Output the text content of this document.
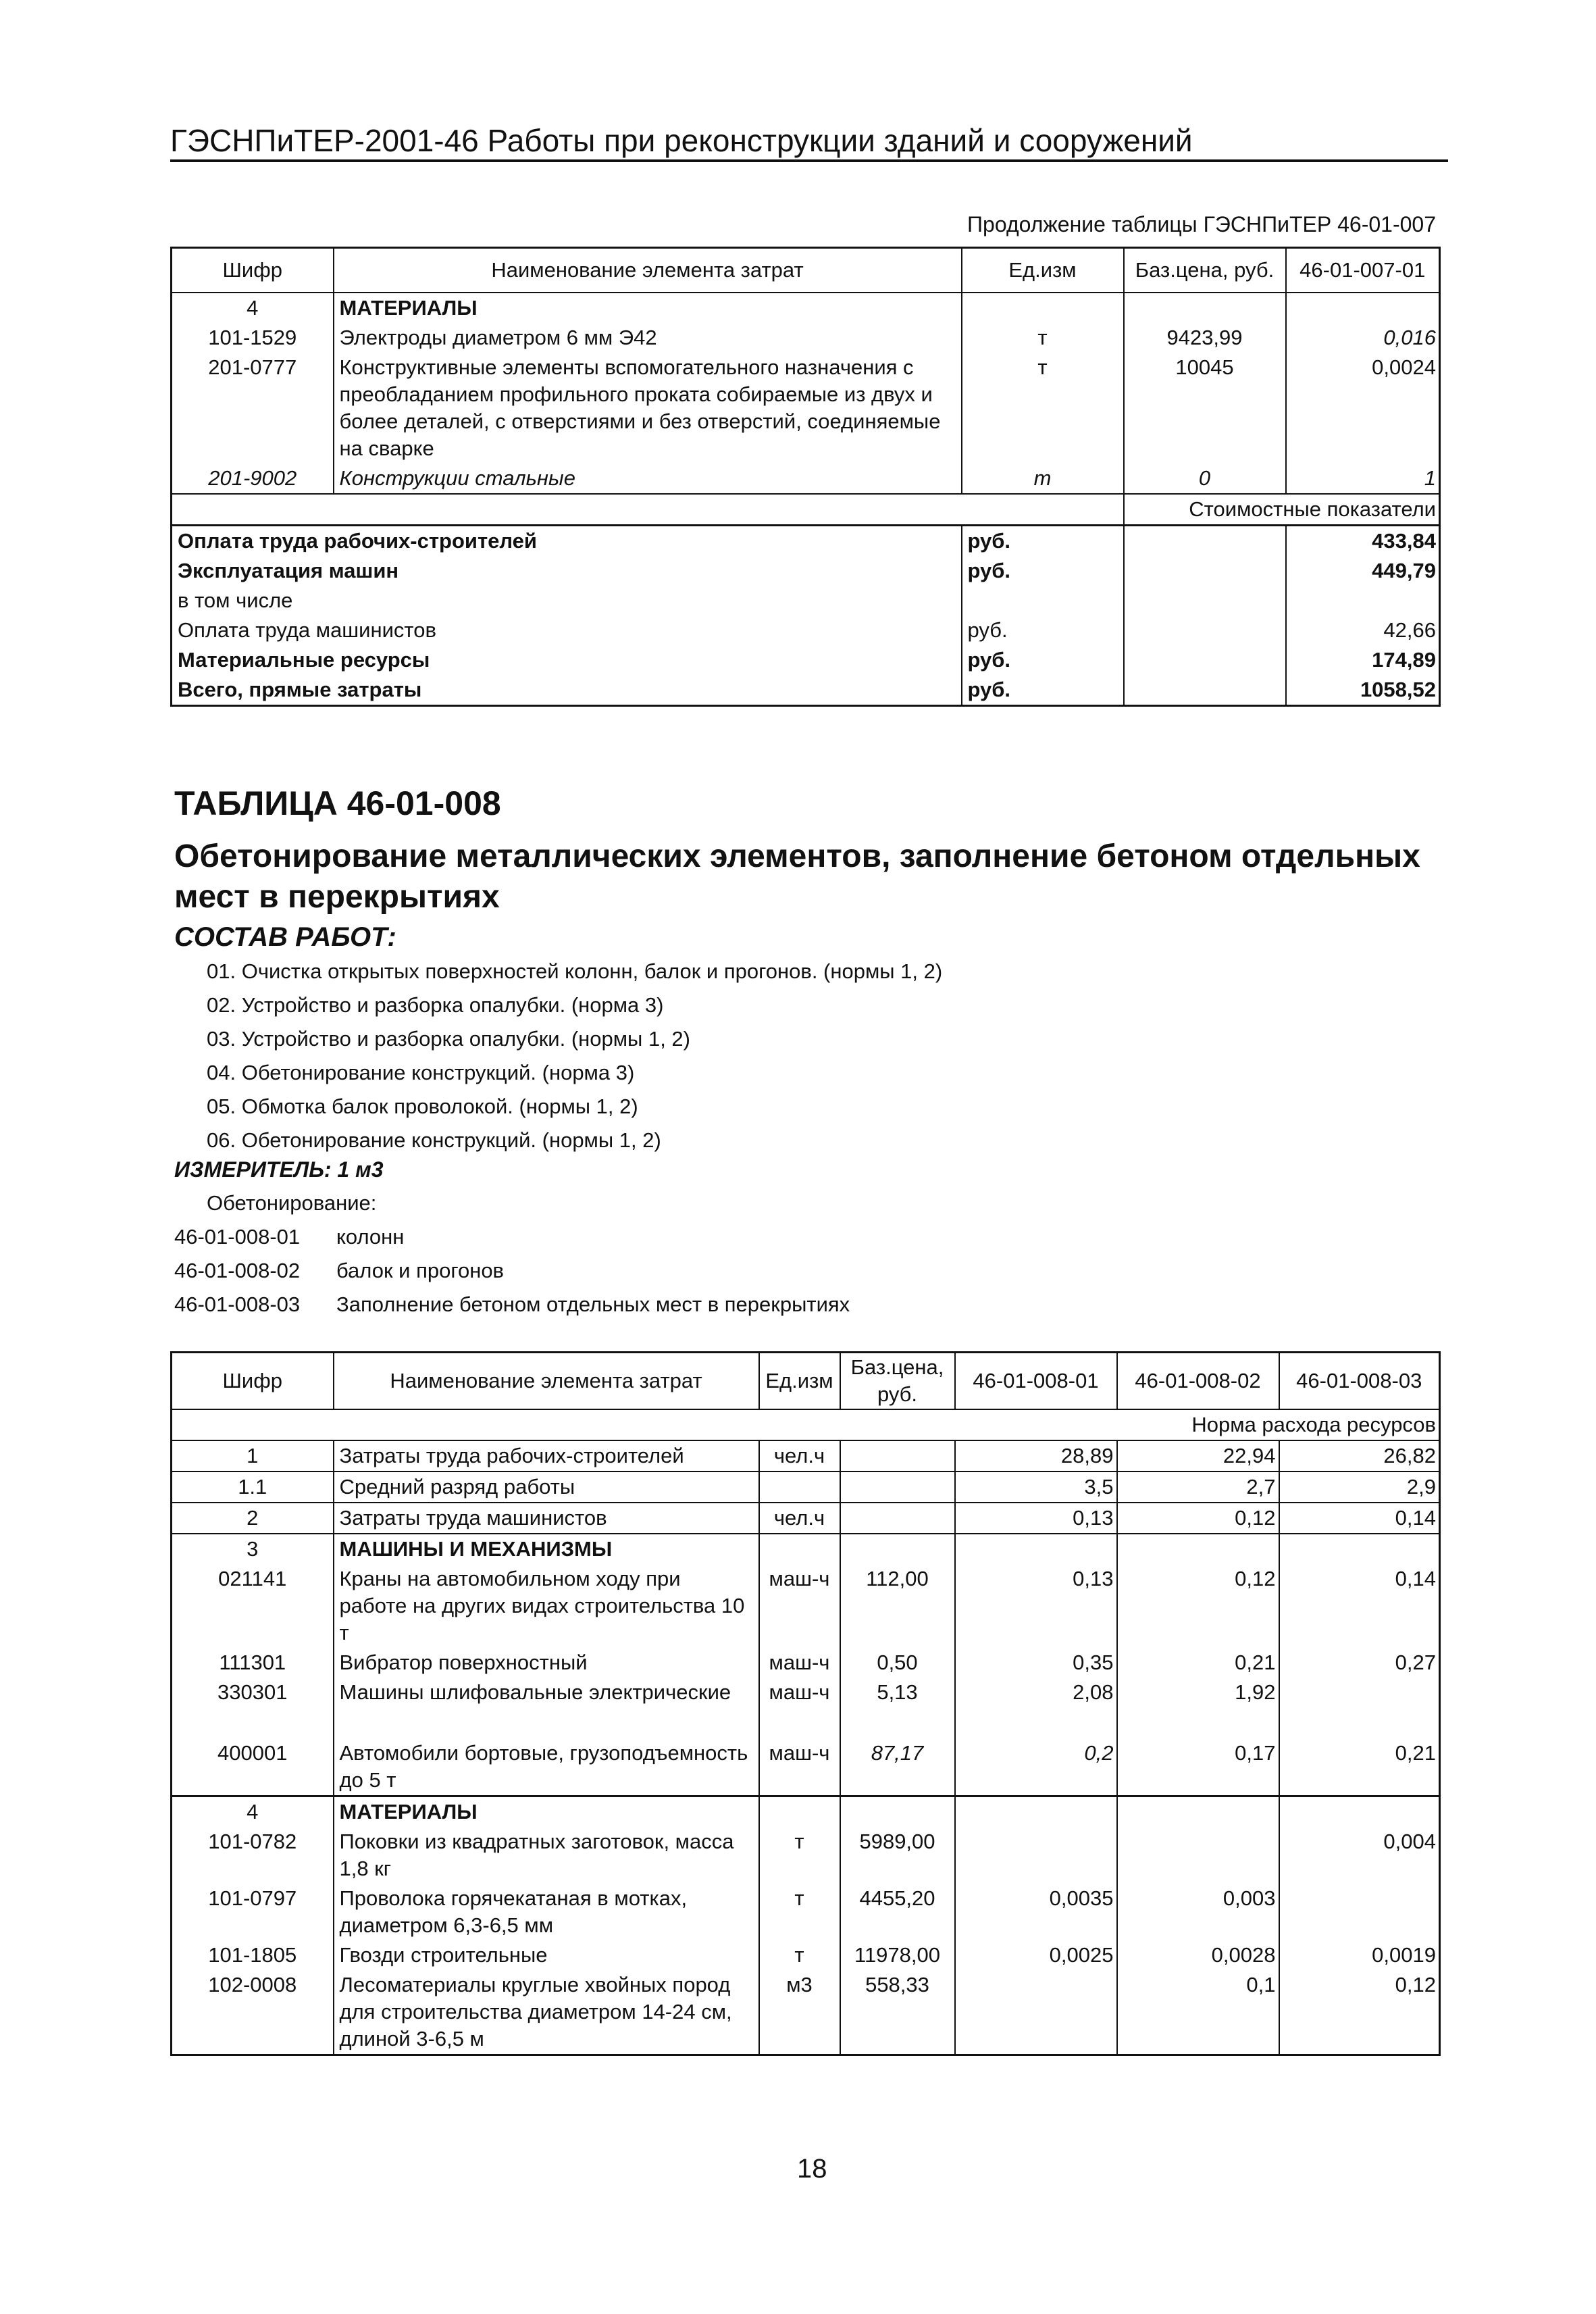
ГЭСНПиТЕР-2001-46 Работы при реконструкции зданий и сооружений
Продолжение таблицы ГЭСНПиТЕР 46-01-007
Шифр	Наименование элемента затрат	Ед.изм	Баз.цена, руб.	46-01-007-01
4	МАТЕРИАЛЫ			
101-1529	Электроды диаметром 6 мм Э42	т	9423,99	0,016
201-0777	Конструктивные элементы вспомогательного назначения с преобладанием профильного проката собираемые из двух и более деталей, с отверстиями и без отверстий, соединяемые на сварке	т	10045	0,0024
201-9002	Конструкции стальные	т	0	1
			Стоимостные показатели	
Оплата труда рабочих-строителей		руб.		433,84
Эксплуатация машин		руб.		449,79
в том числе				
Оплата труда машинистов		руб.		42,66
Материальные ресурсы		руб.		174,89
Всего, прямые затраты		руб.		1058,52
ТАБЛИЦА 46-01-008
Обетонирование металлических элементов, заполнение бетоном отдельных мест в перекрытиях
СОСТАВ РАБОТ:
01. Очистка открытых поверхностей колонн, балок и прогонов. (нормы 1, 2)
02. Устройство и разборка опалубки. (норма 3)
03. Устройство и разборка опалубки. (нормы 1, 2)
04. Обетонирование конструкций. (норма 3)
05. Обмотка балок проволокой. (нормы 1, 2)
06. Обетонирование конструкций. (нормы 1, 2)
ИЗМЕРИТЕЛЬ: 1 м3
Обетонирование:
46-01-008-01 колонн
46-01-008-02 балок и прогонов
46-01-008-03 Заполнение бетоном отдельных мест в перекрытиях
Шифр	Наименование элемента затрат	Ед.изм	Баз.цена, руб.	46-01-008-01	46-01-008-02	46-01-008-03
Норма расхода ресурсов						
1	Затраты труда рабочих-строителей	чел.ч		28,89	22,94	26,82
1.1	Средний разряд работы			3,5	2,7	2,9
2	Затраты труда машинистов	чел.ч		0,13	0,12	0,14
3	МАШИНЫ И МЕХАНИЗМЫ					
021141	Краны на автомобильном ходу при работе на других видах строительства 10 т	маш-ч	112,00	0,13	0,12	0,14
111301	Вибратор поверхностный	маш-ч	0,50	0,35	0,21	0,27
330301	Машины шлифовальные электрические	маш-ч	5,13	2,08	1,92	
400001	Автомобили бортовые, грузоподъемность до 5 т	маш-ч	87,17	0,2	0,17	0,21
4	МАТЕРИАЛЫ					
101-0782	Поковки из квадратных заготовок, масса 1,8 кг	т	5989,00			0,004
101-0797	Проволока горячекатаная в мотках, диаметром 6,3-6,5 мм	т	4455,20	0,0035	0,003	
101-1805	Гвозди строительные	т	11978,00	0,0025	0,0028	0,0019
102-0008	Лесоматериалы круглые хвойных пород для строительства диаметром 14-24 см, длиной 3-6,5 м	м3	558,33		0,1	0,12
18
